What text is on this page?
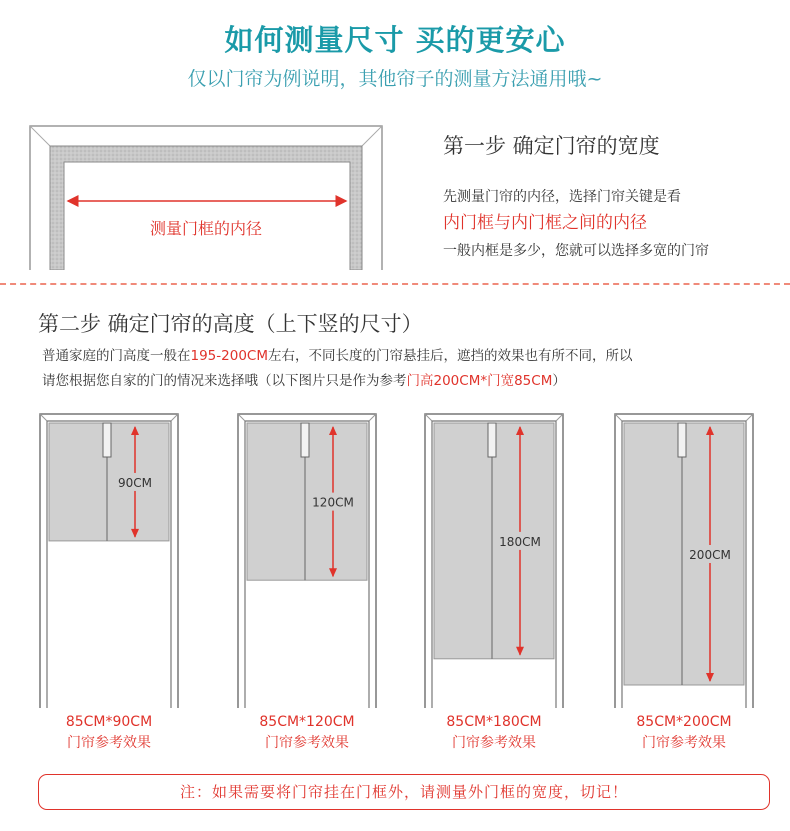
如何测量尺寸 买的更安心
仅以门帘为例说明，其他帘子的测量方法通用哦~
测量门框的内径
第一步 确定门帘的宽度
先测量门帘的内径，选择门帘关键是看
内门框与内门框之间的内径
一般内框是多少，您就可以选择多宽的门帘
第二步 确定门帘的高度（上下竖的尺寸）
普通家庭的门高度一般在195-200CM左右，不同长度的门帘悬挂后，遮挡的效果也有所不同，所以
请您根据您自家的门的情况来选择哦（以下图片只是作为参考门高200CM*门宽85CM）
90CM
85CM*90CM
门帘参考效果
120CM
85CM*120CM
门帘参考效果
180CM
85CM*180CM
门帘参考效果
200CM
85CM*200CM
门帘参考效果
注：如果需要将门帘挂在门框外，请测量外门框的宽度，切记！
